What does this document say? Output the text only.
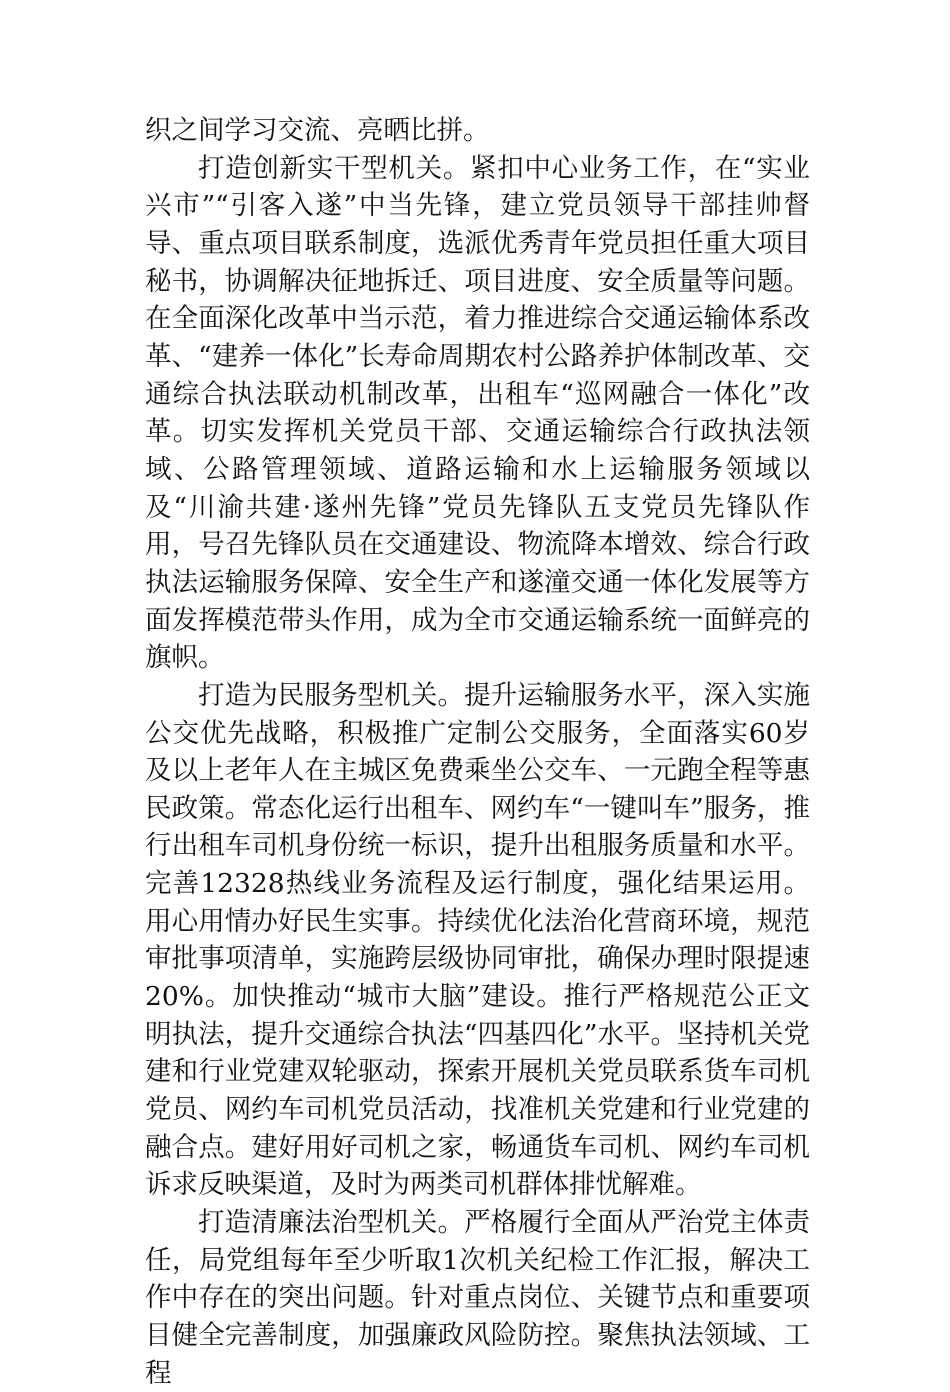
织之间学习交流、亮晒比拼。

打造创新实干型机关。紧扣中心业务工作，在“实业兴市”“引客入遂”中当先锋，建立党员领导干部挂帅督导、重点项目联系制度，选派优秀青年党员担任重大项目秘书，协调解决征地拆迁、项目进度、安全质量等问题。在全面深化改革中当示范，着力推进综合交通运输体系改革、“建养一体化”长寿命周期农村公路养护体制改革、交通综合执法联动机制改革，出租车“巡网融合一体化”改革。切实发挥机关党员干部、交通运输综合行政执法领域、公路管理领域、道路运输和水上运输服务领域以及“川渝共建·遂州先锋”党员先锋队五支党员先锋队作用，号召先锋队员在交通建设、物流降本增效、综合行政执法运输服务保障、安全生产和遂潼交通一体化发展等方面发挥模范带头作用，成为全市交通运输系统一面鲜亮的旗帜。

打造为民服务型机关。提升运输服务水平，深入实施公交优先战略，积极推广定制公交服务，全面落实60岁及以上老年人在主城区免费乘坐公交车、一元跑全程等惠民政策。常态化运行出租车、网约车“一键叫车”服务，推行出租车司机身份统一标识，提升出租服务质量和水平。完善12328热线业务流程及运行制度，强化结果运用。用心用情办好民生实事。持续优化法治化营商环境，规范审批事项清单，实施跨层级协同审批，确保办理时限提速20%。加快推动“城市大脑”建设。推行严格规范公正文明执法，提升交通综合执法“四基四化”水平。坚持机关党建和行业党建双轮驱动，探索开展机关党员联系货车司机党员、网约车司机党员活动，找准机关党建和行业党建的融合点。建好用好司机之家，畅通货车司机、网约车司机诉求反映渠道，及时为两类司机群体排忧解难。

打造清廉法治型机关。严格履行全面从严治党主体责任，局党组每年至少听取1次机关纪检工作汇报，解决工作中存在的突出问题。针对重点岗位、关键节点和重要项目健全完善制度，加强廉政风险防控。聚焦执法领域、工程
